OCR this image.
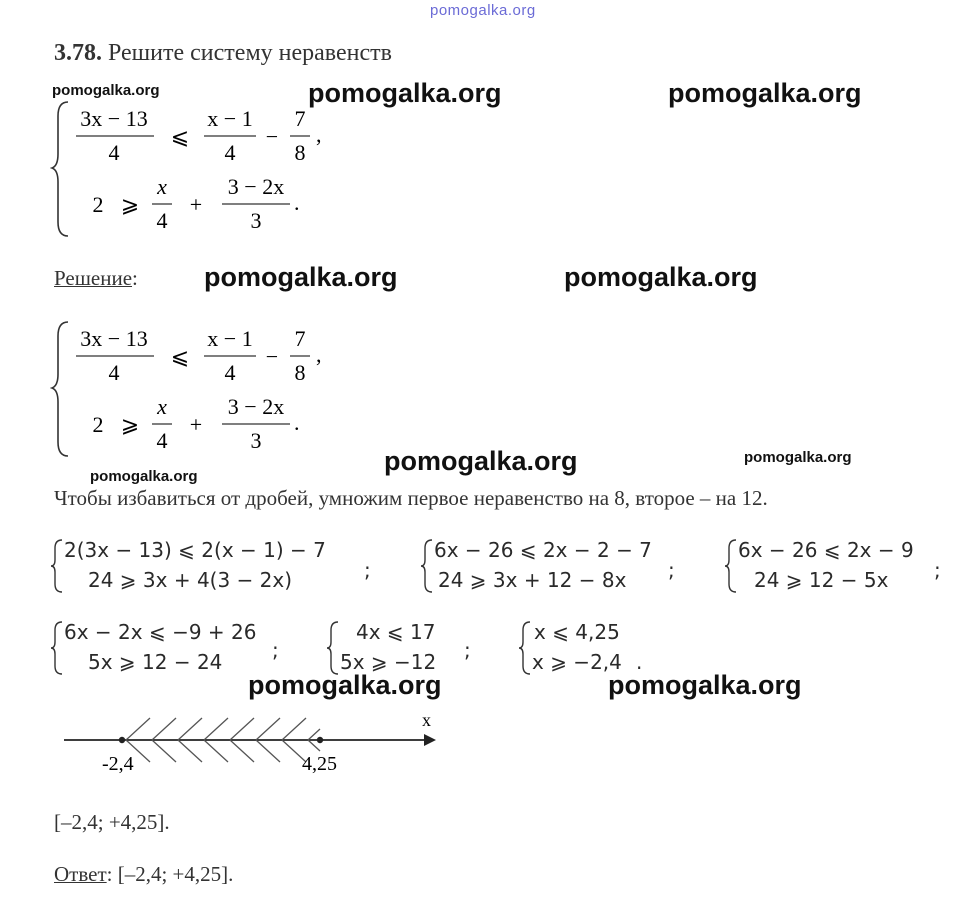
pomogalka.org
3.78. Решите систему неравенств
pomogalka.org	pomogalka.org	pomogalka.org
3x − 13
4
⩽
x − 1
4
−
7
8
,
2 ⩾
x
4
+
3 − 2x
3
.
Решение: pomogalka.org	pomogalka.org
3x − 13
4
⩽
x − 1
4
−
7
8
,
2 ⩾
x
4
+
3 − 2x
3
.
pomogalka.org
pomogalka.org	pomogalka.org
Чтобы избавиться от дробей, умножим первое неравенство на 8, второе – на 12.
2(3x − 13) ⩽ 2(x − 1) − 7
24 ⩾ 3x + 4(3 − 2x)	;
6x − 26 ⩽ 2x − 2 − 7
24 ⩾ 3x + 12 − 8x ;
6x − 26 ⩽ 2x − 9
24 ⩾ 12 − 5x ;
6x − 2x ⩽ −9 + 26
5x ⩾ 12 − 24 ;
4x ⩽ 17
5x ⩾ −12 ;
x ⩽ 4,25
x ⩾ −2,4 .
pomogalka.org	pomogalka.org
x
-2,4	4,25
[–2,4; +4,25].
Ответ: [–2,4; +4,25].
